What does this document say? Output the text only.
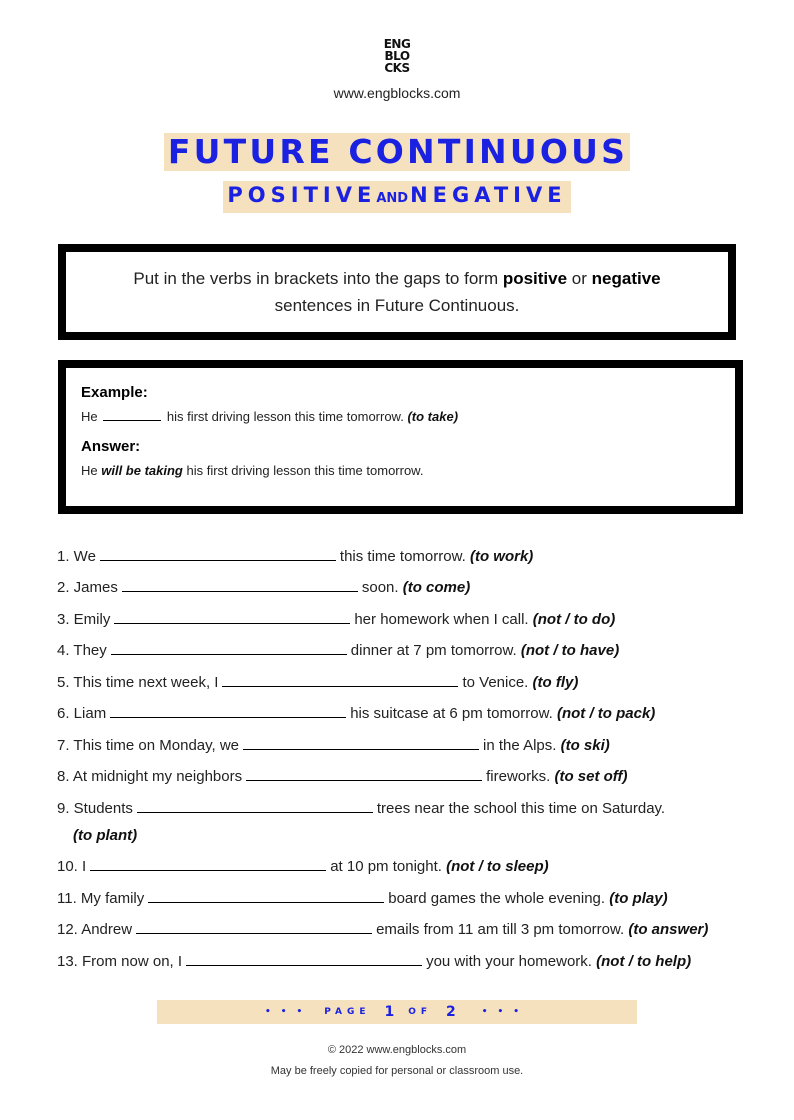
ENG
BLO
CKS
www.engblocks.com
FUTURE CONTINUOUS
POSITIVEANDNEGATIVE
Put in the verbs in brackets into the gaps to form positive or negative
sentences in Future Continuous.
Example:
He	his first driving lesson this time tomorrow. (to take)
Answer:
He will be taking his first driving lesson this time tomorrow.
1. We	this time tomorrow. (to work)
2. James	soon. (to come)
3. Emily	her homework when I call. (not / to do)
4. They	dinner at 7 pm tomorrow. (not / to have)
5. This time next week, I	to Venice. (to fly)
6. Liam	his suitcase at 6 pm tomorrow. (not / to pack)
7. This time on Monday, we	in the Alps. (to ski)
8. At midnight my neighbors	fireworks. (to set off)
9. Students	trees near the school this time on Saturday.
(to plant)
10. I	at 10 pm tonight. (not / to sleep)
11. My family	board games the whole evening. (to play)
12. Andrew	emails from 11 am till 3 pm tomorrow. (to answer)
13. From now on, I	you with your homework. (not / to help)
••• PAGE 1 OF 2	•••
© 2022 www.engblocks.com
May be freely copied for personal or classroom use.
